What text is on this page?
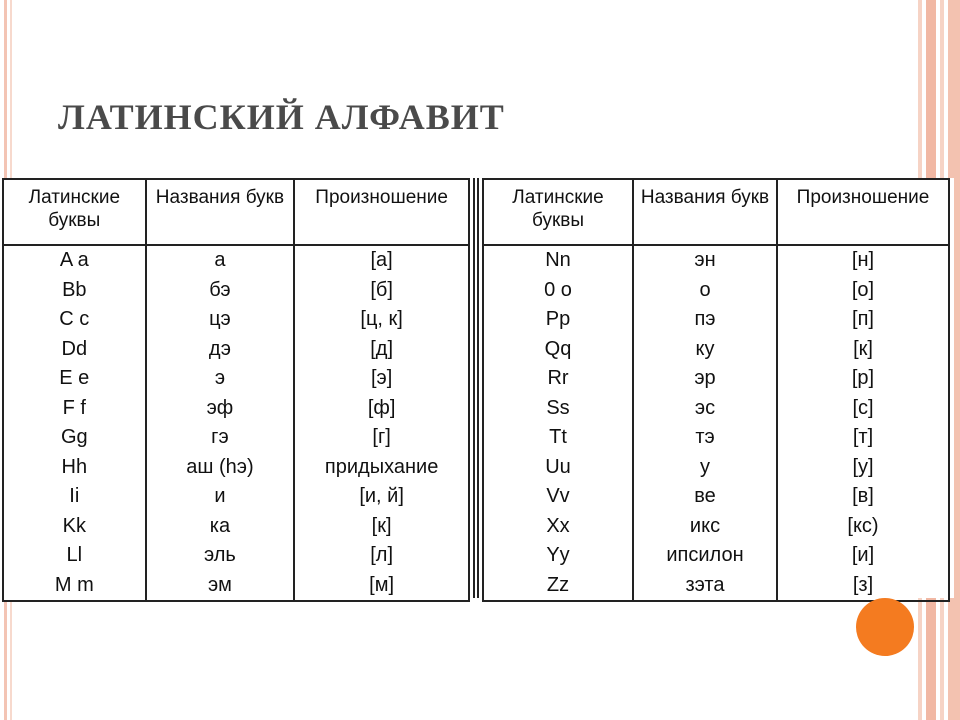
ЛАТИНСКИЙ АЛФАВИТ
Латинские буквы	Названия букв	Произношение
A a	а	[а]
Bb	бэ	[б]
C c	цэ	[ц, к]
Dd	дэ	[д]
E e	э	[э]
F f	эф	[ф]
Gg	гэ	[г]
Hh	аш (hэ)	придыхание
Ii	и	[и, й]
Kk	ка	[к]
Ll	эль	[л]
M m	эм	[м]
Латинские буквы	Названия букв	Произношение
Nn	эн	[н]
0 o	о	[о]
Pp	пэ	[п]
Qq	ку	[к]
Rr	эр	[р]
Ss	эс	[с]
Tt	тэ	[т]
Uu	у	[у]
Vv	ве	[в]
Xx	икс	[кс)
Yy	ипсилон	[и]
Zz	зэта	[з]
